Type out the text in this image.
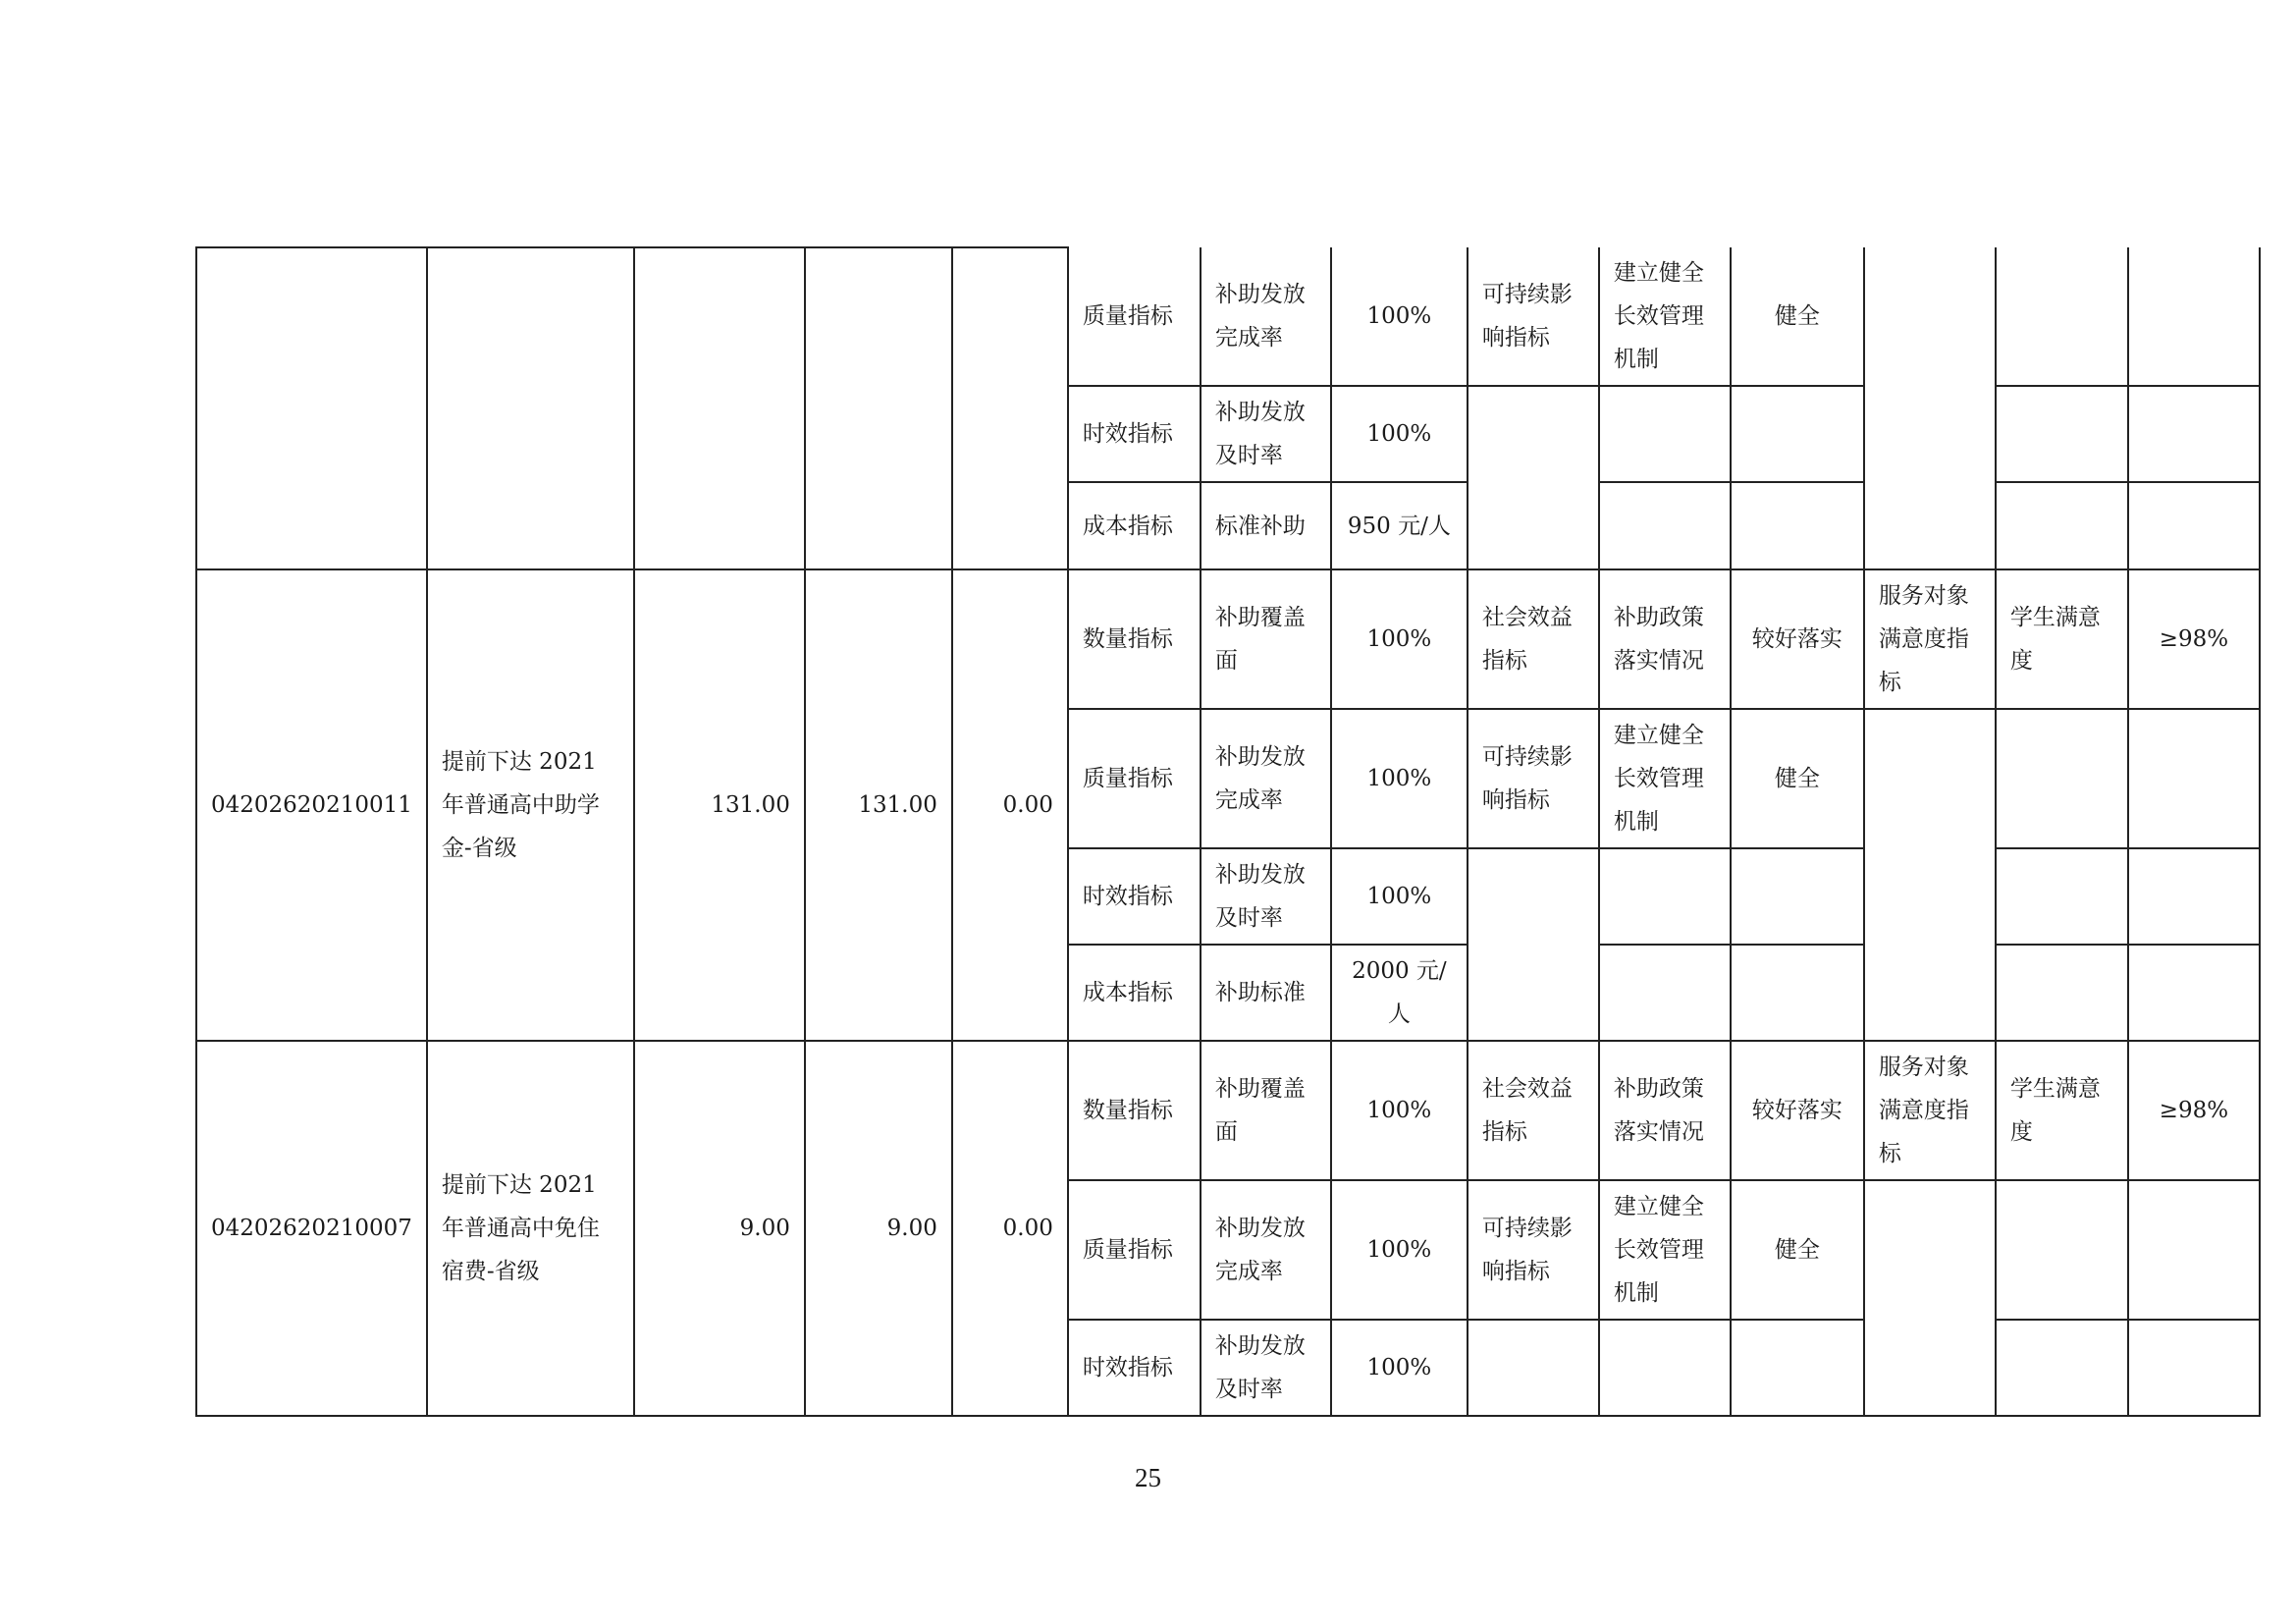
					质量指标	补助发放完成率	100%	可持续影响指标	建立健全长效管理机制	健全			
					时效指标	补助发放及时率	100%						
					成本指标	标准补助	950 元/人						
04202620210011	提前下达 2021 年普通高中助学金-省级	131.00	131.00	0.00	数量指标	补助覆盖面	100%	社会效益指标	补助政策落实情况	较好落实	服务对象满意度指标	学生满意度	≥98%
					质量指标	补助发放完成率	100%	可持续影响指标	建立健全长效管理机制	健全			
					时效指标	补助发放及时率	100%						
					成本指标	补助标准	2000 元/人						
04202620210007	提前下达 2021 年普通高中免住宿费-省级	9.00	9.00	0.00	数量指标	补助覆盖面	100%	社会效益指标	补助政策落实情况	较好落实	服务对象满意度指标	学生满意度	≥98%
					质量指标	补助发放完成率	100%	可持续影响指标	建立健全长效管理机制	健全			
					时效指标	补助发放及时率	100%						
25
